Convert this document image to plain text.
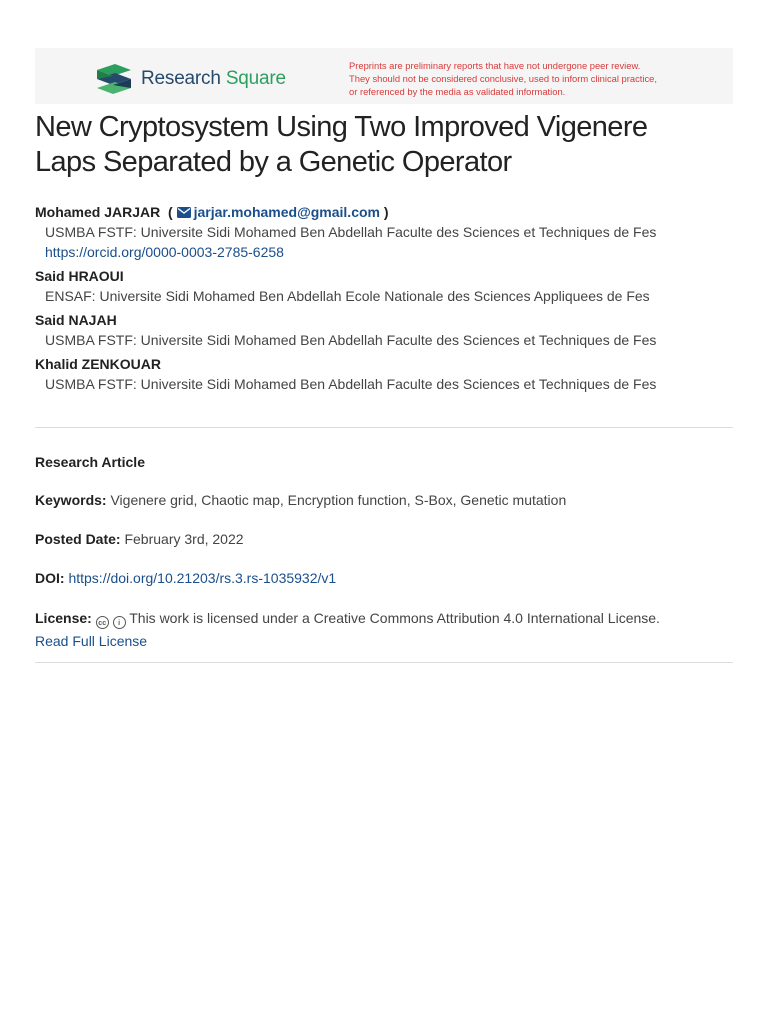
Research Square
Preprints are preliminary reports that have not undergone peer review.
They should not be considered conclusive, used to inform clinical practice,
or referenced by the media as validated information.
New Cryptosystem Using Two Improved Vigenere
Laps Separated by a Genetic Operator
Mohamed JARJAR  ( jarjar.mohamed@gmail.com )
USMBA FSTF: Universite Sidi Mohamed Ben Abdellah Faculte des Sciences et Techniques de Fes
https://orcid.org/0000-0003-2785-6258
Said HRAOUI
ENSAF: Universite Sidi Mohamed Ben Abdellah Ecole Nationale des Sciences Appliquees de Fes
Said NAJAH
USMBA FSTF: Universite Sidi Mohamed Ben Abdellah Faculte des Sciences et Techniques de Fes
Khalid ZENKOUAR
USMBA FSTF: Universite Sidi Mohamed Ben Abdellah Faculte des Sciences et Techniques de Fes
Research Article
Keywords: Vigenere grid, Chaotic map, Encryption function, S-Box, Genetic mutation
Posted Date: February 3rd, 2022
DOI: https://doi.org/10.21203/rs.3.rs-1035932/v1
License: cc i This work is licensed under a Creative Commons Attribution 4.0 International License.
Read Full License
